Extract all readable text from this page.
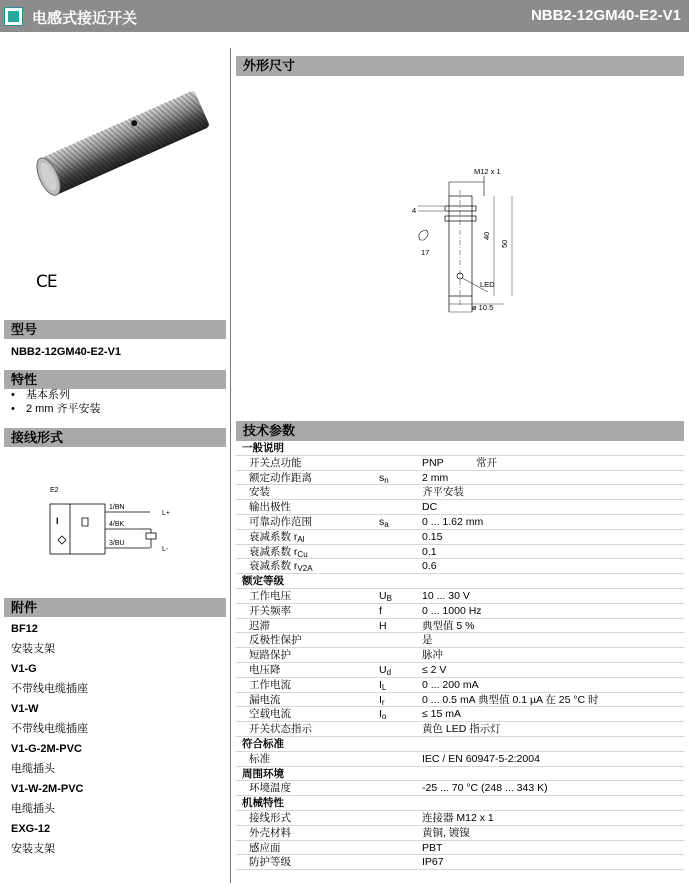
电感式接近开关	NBB2-12GM40-E2-V1
CE
型号
NBB2-12GM40-E2-V1
特性
• 基本系列
• 2 mm 齐平安装
接线形式
E2
I
1/BN
4/BK
3/BU
L+
L-
附件
BF12
安装支架
V1-G
不带线电缆插座
V1-W
不带线电缆插座
V1-G-2M-PVC
电缆插头
V1-W-2M-PVC
电缆插头
EXG-12
安装支架
外形尺寸
M12 x 1
LED
4
17
40
50
ø 10.5
技术参数
一般说明
开关点功能	PNP	常开
额定动作距离	$s_n$	2 mm
安装	齐平安装
输出极性	DC
可靠动作范围	$s_a$	0 ... 1.62 mm
衰减系数 $r_{Al}$	0.15
衰减系数 $r_{Cu}$	0.1
衰减系数 $r_{V2A}$	0.6
额定等级
工作电压	$U_B$	10 ... 30 V
开关频率	f	0 ... 1000 Hz
迟滞	H	典型值 5 %
反极性保护	是
短路保护	脉冲
电压降	$U_d$	≤ 2 V
工作电流	$I_L$	0 ... 200 mA
漏电流	$I_r$	0 ... 0.5 mA 典型值 0.1 µA 在 25 °C 时
空载电流	$I_o$	≤ 15 mA
开关状态指示	黄色 LED 指示灯
符合标准
标准	IEC / EN 60947-5-2:2004
周围环境
环境温度	-25 ... 70 °C (248 ... 343 K)
机械特性
接线形式	连接器 M12 x 1
外壳材料	黄铜, 镀镍
感应面	PBT
防护等级	IP67
